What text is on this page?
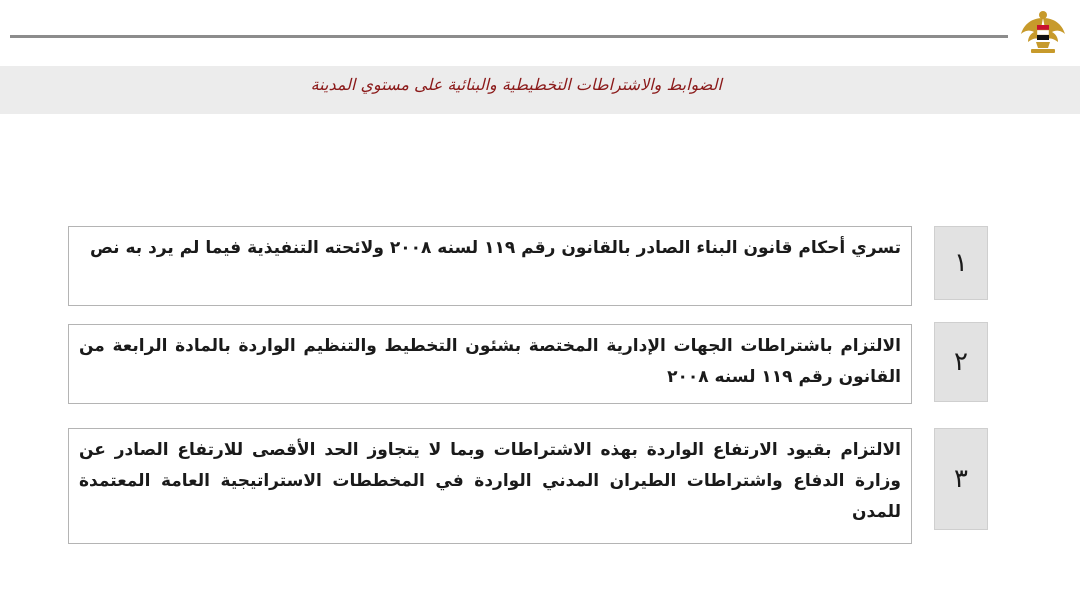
الضوابط والاشتراطات التخطيطية والبنائية على مستوي المدينة
تسري أحكام قانون البناء الصادر بالقانون رقم ١١٩ لسنه ٢٠٠٨ ولائحته التنفيذية فيما لم يرد به نص	١
الالتزام باشتراطات الجهات الإدارية المختصة بشئون التخطيط والتنظيم الواردة بالمادة الرابعة من القانون رقم ١١٩ لسنه ٢٠٠٨	٢
الالتزام بقيود الارتفاع الواردة بهذه الاشتراطات وبما لا يتجاوز الحد الأقصى للارتفاع الصادر عن وزارة الدفاع واشتراطات الطيران المدني الواردة في المخططات الاستراتيجية العامة المعتمدة للمدن
٣
